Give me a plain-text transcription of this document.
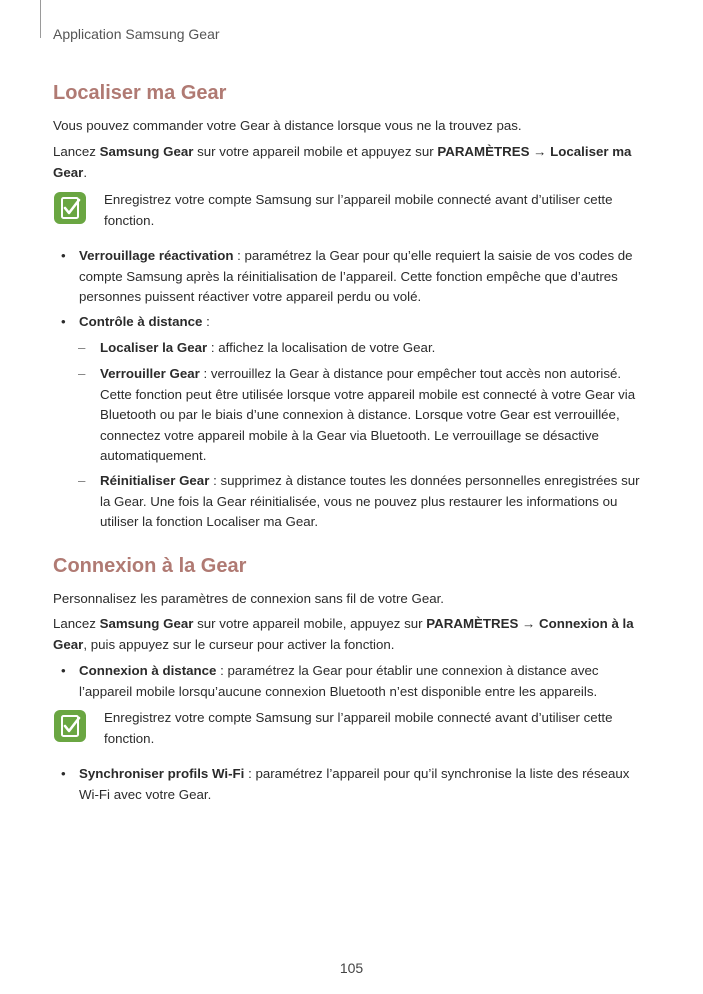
Application Samsung Gear
Localiser ma Gear

Vous pouvez commander votre Gear à distance lorsque vous ne la trouvez pas.

Lancez Samsung Gear sur votre appareil mobile et appuyez sur PARAMÈTRES → Localiser ma Gear.

Enregistrez votre compte Samsung sur l’appareil mobile connecté avant d’utiliser cette fonction.
• Verrouillage réactivation : paramétrez la Gear pour qu’elle requiert la saisie de vos codes de compte Samsung après la réinitialisation de l’appareil. Cette fonction empêche que d’autres personnes puissent réactiver votre appareil perdu ou volé.
• Contrôle à distance :
– Localiser la Gear : affichez la localisation de votre Gear.
– Verrouiller Gear : verrouillez la Gear à distance pour empêcher tout accès non autorisé. Cette fonction peut être utilisée lorsque votre appareil mobile est connecté à votre Gear via Bluetooth ou par le biais d’une connexion à distance. Lorsque votre Gear est verrouillée, connectez votre appareil mobile à la Gear via Bluetooth. Le verrouillage se désactive automatiquement.
– Réinitialiser Gear : supprimez à distance toutes les données personnelles enregistrées sur la Gear. Une fois la Gear réinitialisée, vous ne pouvez plus restaurer les informations ou utiliser la fonction Localiser ma Gear.
Connexion à la Gear

Personnalisez les paramètres de connexion sans fil de votre Gear.

Lancez Samsung Gear sur votre appareil mobile, appuyez sur PARAMÈTRES → Connexion à la Gear, puis appuyez sur le curseur pour activer la fonction.

• Connexion à distance : paramétrez la Gear pour établir une connexion à distance avec l’appareil mobile lorsqu’aucune connexion Bluetooth n’est disponible entre les appareils.
Enregistrez votre compte Samsung sur l’appareil mobile connecté avant d’utiliser cette fonction.
• Synchroniser profils Wi-Fi : paramétrez l’appareil pour qu’il synchronise la liste des réseaux Wi-Fi avec votre Gear.
105
